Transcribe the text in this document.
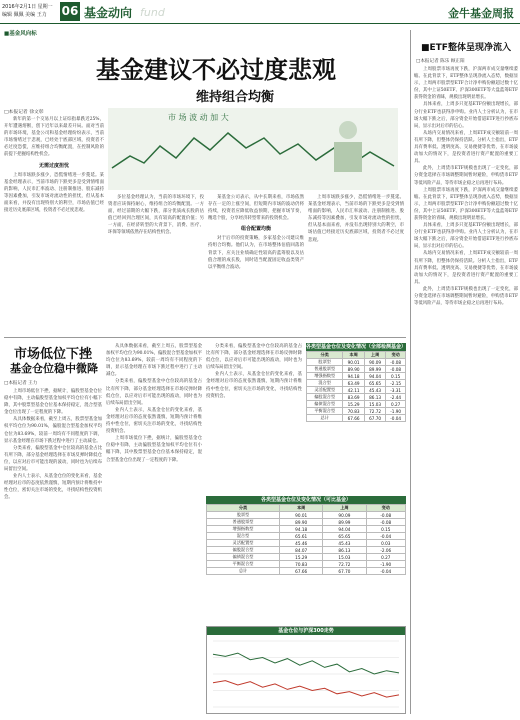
2016年2月1日 星期一
编辑 佩佩 美编 王力 06 基金动向 fund	金牛基金周报
■基金风向标
基金建议不必过度悲观
维持组合均衡
□本报记者 徐文彰
市 场 波 动 加 大

新年的第一个交易月以上证综指暴跌近25%，开年遭遇熔断，创下近年以来最差开局。面对当前的市场环境，基金公司和基金经理纷纷表示，当前市场情绪过于悲观，已经处于底部区域，投资者不必过度恐慌，应维持组合均衡配置，在控制风险的前提下把握结构性机会。

无需过度担忧

上周市场跌多涨少，恐慌情绪进一步蔓延。某基金经理表示，当前市场的下跌更多是受到情绪面的影响，人民币汇率波动、注册制推进、股东减持等因素叠加，引发市场对流动性的担忧，但从基本面来看，并没有出现特别大的利空，市场估值已经接近历史底部区域，投资者不必过度悲观。

多位基金经理认为，当前的市场环境下，投资者应该保持耐心，维持组合的均衡配置。一方面，经过前期的大幅下跌，部分优质成长股的估值已经回到合理区间，具有较高的配置价值；另一方面，在经济转型的大背景下，消费、医疗、环保等领域依然存在结构性机会。

某基金公司表示，从中长期来看，市场依然存在一定的上涨空间，但短期内市场的波动仍将持续，投资者应降低收益预期，把握市场节奏，精选个股，分享经济转型带来的投资机会。

组合配置均衡

对于后市的投资策略，多家基金公司建议维持组合均衡。他们认为，在市场整体估值回落的背景下，应关注业绩确定性较高的蓝筹股以及估值合理的成长股，同时适当配置固定收益类资产以平衡组合波动。

上周市场跌多涨少，恐慌情绪进一步蔓延。某基金经理表示，当前市场的下跌更多是受到情绪面的影响，人民币汇率波动、注册制推进、股东减持等因素叠加，引发市场对流动性的担忧，但从基本面来看，并没有出现特别大的利空，市场估值已经接近历史底部区域，投资者不必过度悲观。

■ETF整体呈现净流入
□本报记者 陈乐 顾正阳

上周股票市场再度下跌，沪深两市成交量继续萎缩。在此背景下，ETF整体呈现净流入态势，数据显示，上周两市股票型ETF合计净申购份额超过数十亿份，其中上证50ETF、沪深300ETF等大盘蓝筹ETF获得资金的青睐，规模出现明显增长。

具体来看，上周多只宽基ETF份额出现增长，部分行业ETF也获得净申购。业内人士分析认为，在市场大幅下跌之后，部分资金开始借道ETF进行抄底布局，显示出对后市的信心。

从场内交易情况来看，上周ETF成交额较前一周有所下降，但整体仍保持活跃。分析人士指出，ETF具有费率低、透明度高、交易便捷等优势，在市场波动加大的情况下，是投资者进行资产配置的重要工具。

此外，上周货币ETF规模也出现了一定变化，部分资金选择在市场调整期间暂时避险，申购货币ETF等低风险产品，等待市场企稳之后再进行布局。

上周股票市场再度下跌，沪深两市成交量继续萎缩。在此背景下，ETF整体呈现净流入态势，数据显示，上周两市股票型ETF合计净申购份额超过数十亿份，其中上证50ETF、沪深300ETF等大盘蓝筹ETF获得资金的青睐，规模出现明显增长。

具体来看，上周多只宽基ETF份额出现增长，部分行业ETF也获得净申购。业内人士分析认为，在市场大幅下跌之后，部分资金开始借道ETF进行抄底布局，显示出对后市的信心。

从场内交易情况来看，上周ETF成交额较前一周有所下降，但整体仍保持活跃。分析人士指出，ETF具有费率低、透明度高、交易便捷等优势，在市场波动加大的情况下，是投资者进行资产配置的重要工具。

此外，上周货币ETF规模也出现了一定变化，部分资金选择在市场调整期间暂时避险，申购货币ETF等低风险产品，等待市场企稳之后再进行布局。

市场低位下挫
基金仓位稳中微降
□本报记者 王力

上周市场低位下挫，据统计，偏股型基金仓位稳中有降，主动偏股型基金加权平均仓位有小幅下降，其中股票型基金仓位基本保持稳定，混合型基金仓位出现了一定程度的下降。

从具体数据来看，截至上周五，股票型基金加权平均仓位为90.01%，偏股混合型基金加权平均仓位为83.69%，较前一周均有不同程度的下调，显示基金经理在市场下跌过程中进行了主动减仓。

分类来看，偏股型基金中仓位较高的基金占比有所下降，部分基金经理选择在市场反弹时降低仓位，以应对后市可能出现的波动，同时也为后续布局留出空间。

业内人士表示，从基金仓位的变化来看，基金经理对后市的态度依然谨慎，短期内预计将维持中性仓位，密切关注市场的变化，寻找结构性投资机会。

从具体数据来看，截至上周五，股票型基金加权平均仓位为90.01%，偏股混合型基金加权平均仓位为83.69%，较前一周均有不同程度的下调，显示基金经理在市场下跌过程中进行了主动减仓。

分类来看，偏股型基金中仓位较高的基金占比有所下降，部分基金经理选择在市场反弹时降低仓位，以应对后市可能出现的波动，同时也为后续布局留出空间。

业内人士表示，从基金仓位的变化来看，基金经理对后市的态度依然谨慎，短期内预计将维持中性仓位，密切关注市场的变化，寻找结构性投资机会。

上周市场低位下挫，据统计，偏股型基金仓位稳中有降，主动偏股型基金加权平均仓位有小幅下降，其中股票型基金仓位基本保持稳定，混合型基金仓位出现了一定程度的下降。

分类来看，偏股型基金中仓位较高的基金占比有所下降，部分基金经理选择在市场反弹时降低仓位，以应对后市可能出现的波动，同时也为后续布局留出空间。

业内人士表示，从基金仓位的变化来看，基金经理对后市的态度依然谨慎，短期内预计将维持中性仓位，密切关注市场的变化，寻找结构性投资机会。

各类型基金仓位及变化情况（全部检测基金）
分类	本周	上周	变动
股票型	90.01	90.09	-0.08
普通股票型	89.90	89.99	-0.08
增强指数型	94.18	94.04	0.15
混合型	63.49	65.65	-2.15
灵活配置型	42.11	45.43	-3.31
偏股混合型	83.69	86.13	-2.44
偏债混合型	15.29	15.03	0.27
平衡混合型	70.83	72.72	-1.90
总计	67.66	67.70	-0.04
各类型基金仓位及变化情况（可比基金）
分类	本周	上周	变动
股票型	90.01	90.09	-0.08
普通股票型	89.90	89.99	-0.08
增强指数型	94.18	94.04	0.15
混合型	65.61	65.65	-0.04
灵活配置型	45.46	45.43	0.03
偏股混合型	84.07	86.13	-2.06
偏债混合型	15.29	15.03	0.27
平衡混合型	70.83	72.72	-1.90
总计	67.66	67.70	-0.04
基金仓位与沪深300走势
